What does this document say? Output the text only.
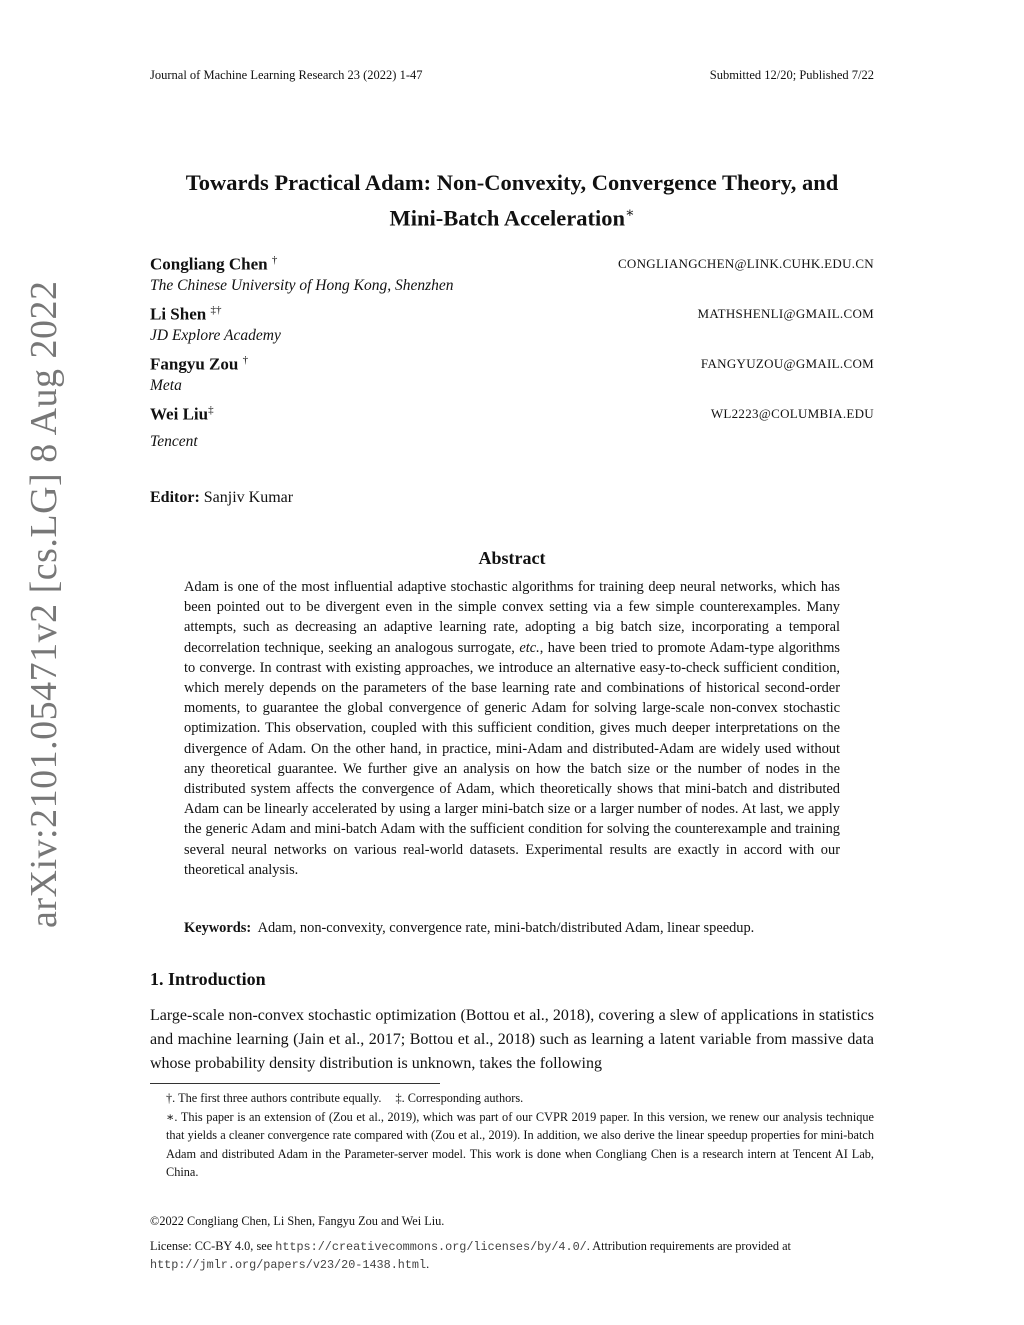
Journal of Machine Learning Research 23 (2022) 1-47	Submitted 12/20; Published 7/22
arXiv:2101.05471v2 [cs.LG] 8 Aug 2022
Towards Practical Adam: Non-Convexity, Convergence Theory, and
Mini-Batch Acceleration∗
Congliang Chen †
The Chinese University of Hong Kong, Shenzhen
CONGLIANGCHEN@LINK.CUHK.EDU.CN
Li Shen ‡†
JD Explore Academy
MATHSHENLI@GMAIL.COM
Fangyu Zou †
Meta
FANGYUZOU@GMAIL.COM
Wei Liu‡
Tencent
WL2223@COLUMBIA.EDU
Editor: Sanjiv Kumar
Abstract

Adam is one of the most influential adaptive stochastic algorithms for training deep neural networks, which has been pointed out to be divergent even in the simple convex setting via a few simple counterexamples. Many attempts, such as decreasing an adaptive learning rate, adopting a big batch size, incorporating a temporal decorrelation technique, seeking an analogous surrogate, etc., have been tried to promote Adam-type algorithms to converge. In contrast with existing approaches, we introduce an alternative easy-to-check sufficient condition, which merely depends on the parameters of the base learning rate and combinations of historical second-order moments, to guarantee the global convergence of generic Adam for solving large-scale non-convex stochastic optimization. This observation, coupled with this sufficient condition, gives much deeper interpretations on the divergence of Adam. On the other hand, in practice, mini-Adam and distributed-Adam are widely used without any theoretical guarantee. We further give an analysis on how the batch size or the number of nodes in the distributed system affects the convergence of Adam, which theoretically shows that mini-batch and distributed Adam can be linearly accelerated by using a larger mini-batch size or a larger number of nodes. At last, we apply the generic Adam and mini-batch Adam with the sufficient condition for solving the counterexample and training several neural networks on various real-world datasets. Experimental results are exactly in accord with our theoretical analysis.

Keywords: Adam, non-convexity, convergence rate, mini-batch/distributed Adam, linear speedup.
1. Introduction

Large-scale non-convex stochastic optimization (Bottou et al., 2018), covering a slew of applications in statistics and machine learning (Jain et al., 2017; Bottou et al., 2018) such as learning a latent variable from massive data whose probability density distribution is unknown, takes the following

†. The first three authors contribute equally. ‡. Corresponding authors.
∗. This paper is an extension of (Zou et al., 2019), which was part of our CVPR 2019 paper. In this version, we renew our analysis technique that yields a cleaner convergence rate compared with (Zou et al., 2019). In addition, we also derive the linear speedup properties for mini-batch Adam and distributed Adam in the Parameter-server model. This work is done when Congliang Chen is a research intern at Tencent AI Lab, China.
©2022 Congliang Chen, Li Shen, Fangyu Zou and Wei Liu.
License: CC-BY 4.0, see https://creativecommons.org/licenses/by/4.0/. Attribution requirements are provided at http://jmlr.org/papers/v23/20-1438.html.
